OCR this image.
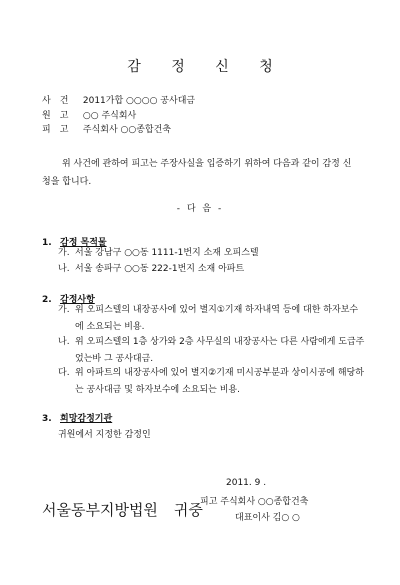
감 정 신 청
사건 2011가합 ○○○○ 공사대금
원고 ○○ 주식회사
피고 주식회사 ○○종합건축
위 사건에 관하여 피고는 주장사실을 입증하기 위하여 다음과 같이 감정 신청을 합니다.
- 다 음 -
1. 감정 목적물
가. 서울 강남구 ○○동 1111-1번지 소재 오피스텔
나. 서울 송파구 ○○동 222-1번지 소재 아파트
2. 감정사항
가. 위 오피스텔의 내장공사에 있어 별지①기재 하자내역 등에 대한 하자보수에 소요되는 비용.
나. 위 오피스텔의 1층 상가와 2층 사무실의 내장공사는 다른 사람에게 도급주었는바 그 공사대금.
다. 위 아파트의 내장공사에 있어 별지②기재 미시공부분과 상이시공에 해당하는 공사대금 및 하자보수에 소요되는 비용.
3. 희망감정기관
귀원에서 지정한 감정인
2011. 9 .
피고 주식회사 ○○종합건축
대표이사 김○ ○
서울동부지방법원 귀중
